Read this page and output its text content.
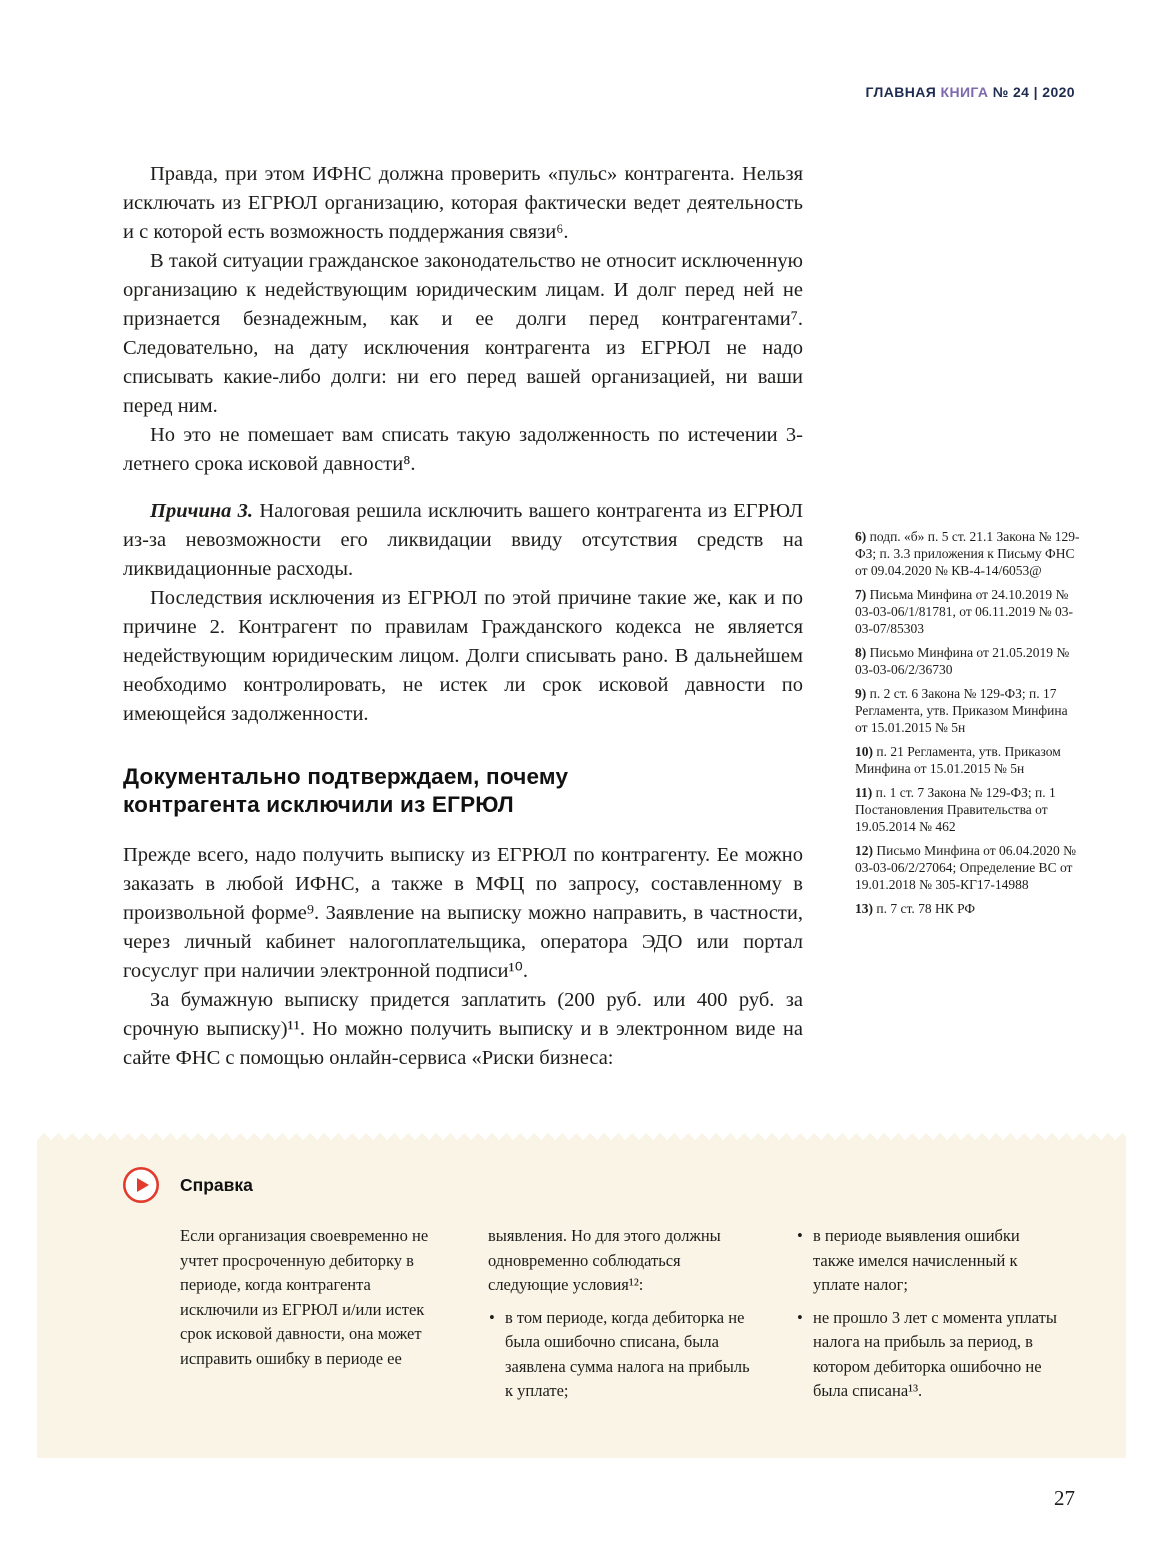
ГЛАВНАЯ КНИГА № 24 | 2020

Правда, при этом ИФНС должна проверить «пульс» контрагента. Нельзя исключать из ЕГРЮЛ организацию, которая фактически ведет деятельность и с которой есть возможность поддержания связи⁶.

В такой ситуации гражданское законодательство не относит исключенную организацию к недействующим юридическим лицам. И долг перед ней не признается безнадежным, как и ее долги перед контрагентами⁷. Следовательно, на дату исключения контрагента из ЕГРЮЛ не надо списывать какие-либо долги: ни его перед вашей организацией, ни ваши перед ним.

Но это не помешает вам списать такую задолженность по истечении 3-летнего срока исковой давности⁸.

Причина 3. Налоговая решила исключить вашего контрагента из ЕГРЮЛ из-за невозможности его ликвидации ввиду отсутствия средств на ликвидационные расходы.

Последствия исключения из ЕГРЮЛ по этой причине такие же, как и по причине 2. Контрагент по правилам Гражданского кодекса не является недействующим юридическим лицом. Долги списывать рано. В дальнейшем необходимо контролировать, не истек ли срок исковой давности по имеющейся задолженности.

Документально подтверждаем, почему контрагента исключили из ЕГРЮЛ

Прежде всего, надо получить выписку из ЕГРЮЛ по контрагенту. Ее можно заказать в любой ИФНС, а также в МФЦ по запросу, составленному в произвольной форме⁹. Заявление на выписку можно направить, в частности, через личный кабинет налогоплательщика, оператора ЭДО или портал госуслуг при наличии электронной подписи¹⁰.

За бумажную выписку придется заплатить (200 руб. или 400 руб. за срочную выписку)¹¹. Но можно получить выписку и в электронном виде на сайте ФНС с помощью онлайн-сервиса «Риски бизнеса:

6) подп. «б» п. 5 ст. 21.1 Закона № 129-ФЗ; п. 3.3 приложения к Письму ФНС от 09.04.2020 № КВ-4-14/6053@
7) Письма Минфина от 24.10.2019 № 03-03-06/1/81781, от 06.11.2019 № 03-03-07/85303
8) Письмо Минфина от 21.05.2019 № 03-03-06/2/36730
9) п. 2 ст. 6 Закона № 129-ФЗ; п. 17 Регламента, утв. Приказом Минфина от 15.01.2015 № 5н
10) п. 21 Регламента, утв. Приказом Минфина от 15.01.2015 № 5н
11) п. 1 ст. 7 Закона № 129-ФЗ; п. 1 Постановления Правительства от 19.05.2014 № 462
12) Письмо Минфина от 06.04.2020 № 03-03-06/2/27064; Определение ВС от 19.01.2018 № 305-КГ17-14988
13) п. 7 ст. 78 НК РФ
Справка

Если организация своевременно не учтет просроченную дебиторку в периоде, когда контрагента исключили из ЕГРЮЛ и/или истек срок исковой давности, она может исправить ошибку в периоде ее

выявления. Но для этого должны одновременно соблюдаться следующие условия¹²:

• в том периоде, когда дебиторка не была ошибочно списана, была заявлена сумма налога на прибыль к уплате;

• в периоде выявления ошибки также имелся начисленный к уплате налог;

• не прошло 3 лет с момента уплаты налога на прибыль за период, в котором дебиторка ошибочно не была списана¹³.

27
